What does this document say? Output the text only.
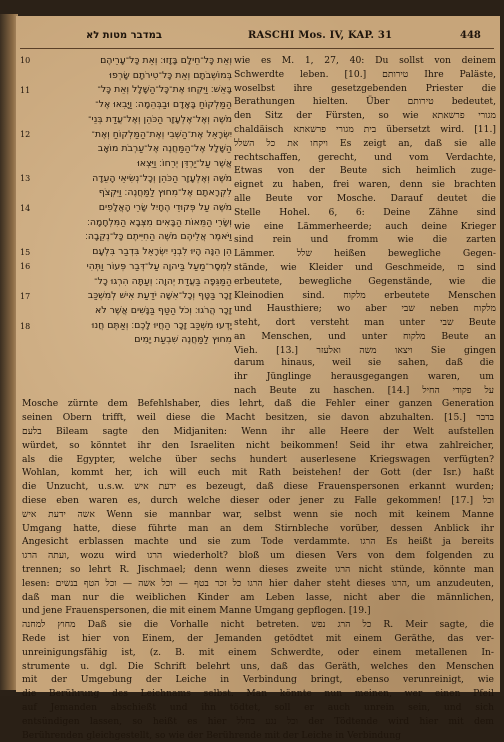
במדבר מטות לא	RASCHI Mos. IV, KAP. 31	448
10
11
12
13
14
15
16
17
18
וְאֵת כָּל־חֵילָם בָּזָזוּ׃ וְאֵת כָּל־עָרֵיהֶם
בְּמוֹשְׁבֹתָם וְאֵת כָּל־טִירֹתָם שָׂרְפוּ
בָּאֵשׁ׃ וַיִּקְחוּ אֶת־כָּל־הַשָּׁלָל וְאֵת כָּל־
הַמַּלְקוֹחַ בָּאָדָם וּבַבְּהֵמָה׃ וַיָּבִאוּ אֶל־
מֹשֶׁה וְאֶל־אֶלְעָזָר הַכֹּהֵן וְאֶל־עֲדַת בְּנֵי־
יִשְׂרָאֵל אֶת־הַשְּׁבִי וְאֶת־הַמַּלְקוֹחַ וְאֶת־
הַשָּׁלָל אֶל־הַמַּחֲנֶה אֶל־עַרְבֹת מוֹאָב
אֲשֶׁר עַל־יַרְדֵּן יְרֵחוֹ׃ וַיֵּצְאוּ
מֹשֶׁה וְאֶלְעָזָר הַכֹּהֵן וְכָל־נְשִׂיאֵי הָעֵדָה
לִקְרָאתָם אֶל־מִחוּץ לַמַּחֲנֶה׃ וַיִּקְצֹף
מֹשֶׁה עַל פְּקוּדֵי הֶחָיִל שָׂרֵי הָאֲלָפִים
וְשָׂרֵי הַמֵּאוֹת הַבָּאִים מִצְּבָא הַמִּלְחָמָה׃
וַיֹּאמֶר אֲלֵיהֶם מֹשֶׁה הַחִיִּיתֶם כָּל־נְקֵבָה׃
הֵן הֵנָּה הָיוּ לִבְנֵי יִשְׂרָאֵל בִּדְבַר בִּלְעָם
לִמְסָר־מַעַל בַּיהוָה עַל־דְּבַר פְּעוֹר וַתְּהִי
הַמַּגֵּפָה בַּעֲדַת יְהוָה׃ וְעַתָּה הִרְגוּ כָל־
זָכָר בַּטָּף וְכָל־אִשָּׁה יֹדַעַת אִישׁ לְמִשְׁכַּב
זָכָר הֲרֹגוּ׃ וְכֹל הַטַּף בַּנָּשִׁים אֲשֶׁר לֹא
יָדְעוּ מִשְׁכַּב זָכָר הַחֲיוּ לָכֶם׃ וְאַתֶּם חֲנוּ
מִחוּץ לַמַּחֲנֶה שִׁבְעַת יָמִים
wie es M. 1, 27, 40: Du sollst von deinem
Schwerdte leben. [10.] טירותם Ihre Paläste,
woselbst ihre gesetzgebenden Priester die
Berathungen hielten. Über טירותם bedeutet,
den Sitz der Fürsten, so wie מגורי פרשאתא
chaldäisch בית מגורי פרשאתא übersetzt wird. [11.]
ויקחו את כל השלל Es zeigt an, daß sie alle
rechtschaffen, gerecht, und vom Verdachte,
Etwas von der Beute sich heimlich zuge-
eignet zu haben, frei waren, denn sie brachten
alle Beute vor Mosche. Darauf deutet die
Stelle Hohel. 6, 6: Deine Zähne sind
wie eine Lämmerheerde; auch deine Krieger
sind rein und fromm wie die zarten
Lämmer. שלל heißen bewegliche Gegen-
stände, wie Kleider und Geschmeide, בז sind
erbeutete, bewegliche Gegenstände, wie die
Kleinodien sind. מלקוח erbeutete Menschen
und Hausthiere; wo aber שבי neben מלקוח
steht, dort versteht man unter שבי Beute
an Menschen, und unter מלקוח Beute an
Vieh. [13.] ויצאו משה ואלעזר Sie gingen
darum hinaus, weil sie sahen, daß die
ihr Jünglinge herausgegangen waren, um
nach Beute zu haschen. [14.] על פקודי החיל
Mosche zürnte dem Befehlshaber, dies lehrt, daß die Fehler einer ganzen Generation
seinen Obern trifft, weil diese die Macht besitzen, sie davon abzuhalten. [15.] בדבר
בלעם Bileam sagte den Midjaniten: Wenn ihr alle Heere der Welt aufstellen
würdet, so könntet ihr den Israeliten nicht beikommen! Seid ihr etwa zahlreicher,
als die Egypter, welche über sechs hundert auserlesene Kriegswagen verfügten?
Wohlan, kommt her, ich will euch mit Rath beistehen! der Gott (der Isr.) haßt
die Unzucht, u.s.w. ידעת איש es bezeugt, daß diese Frauenspersonen erkannt wurden;
diese eben waren es, durch welche dieser oder jener zu Falle gekommen! [17.] וכל
אשה ידעת איש Wenn sie mannbar war, selbst wenn sie noch mit keinem Manne
Umgang hatte, diese führte man an dem Stirnbleche vorüber, dessen Anblick ihr
Angesicht erblassen machte und sie zum Tode verdammte. הרגו Es heißt ja bereits
ועתה הרגו, wozu wird הרגו wiederholt? bloß um diesen Vers von dem folgenden zu
trennen; so lehrt R. Jischmael; denn wenn dieses zweite הרגו nicht stünde, könnte man
lesen: הרגו כל זכר בטף — וכל אשה — וכל הטף בנשים hier daher steht dieses הרגו, um anzudeuten,
daß man nur die weiblichen Kinder am Leben lasse, nicht aber die männlichen,
und jene Frauenspersonen, die mit einem Manne Umgang gepflogen. [19.]
מחוץ למחנה Daß sie die Vorhalle nicht betreten. כל הרג נפש R. Meir sagte, die
Rede ist hier von Einem, der Jemanden getödtet mit einem Geräthe, das ver-
unreinigungsfähig ist, (z. B. mit einem Schwerdte, oder einem metallenen In-
strumente u. dgl. Die Schrift belehrt uns, daß das Geräth, welches den Menschen
mit der Umgebung der Leiche in Verbindung bringt, ebenso verunreinigt, wie
die Berührung des Leichnams selbst. Man könnte nun meinen, wer einen Pfeil
auf Jemanden abschießt und ihn tödtet, soll er auch unrein sein, und sich
entsündigen lassen, so heißt es hier וכל נגע בחלל der Tödtende wird hier mit dem
Berührenden gleichgestellt, so wie der Berührende mit der Leiche in Verbindung
